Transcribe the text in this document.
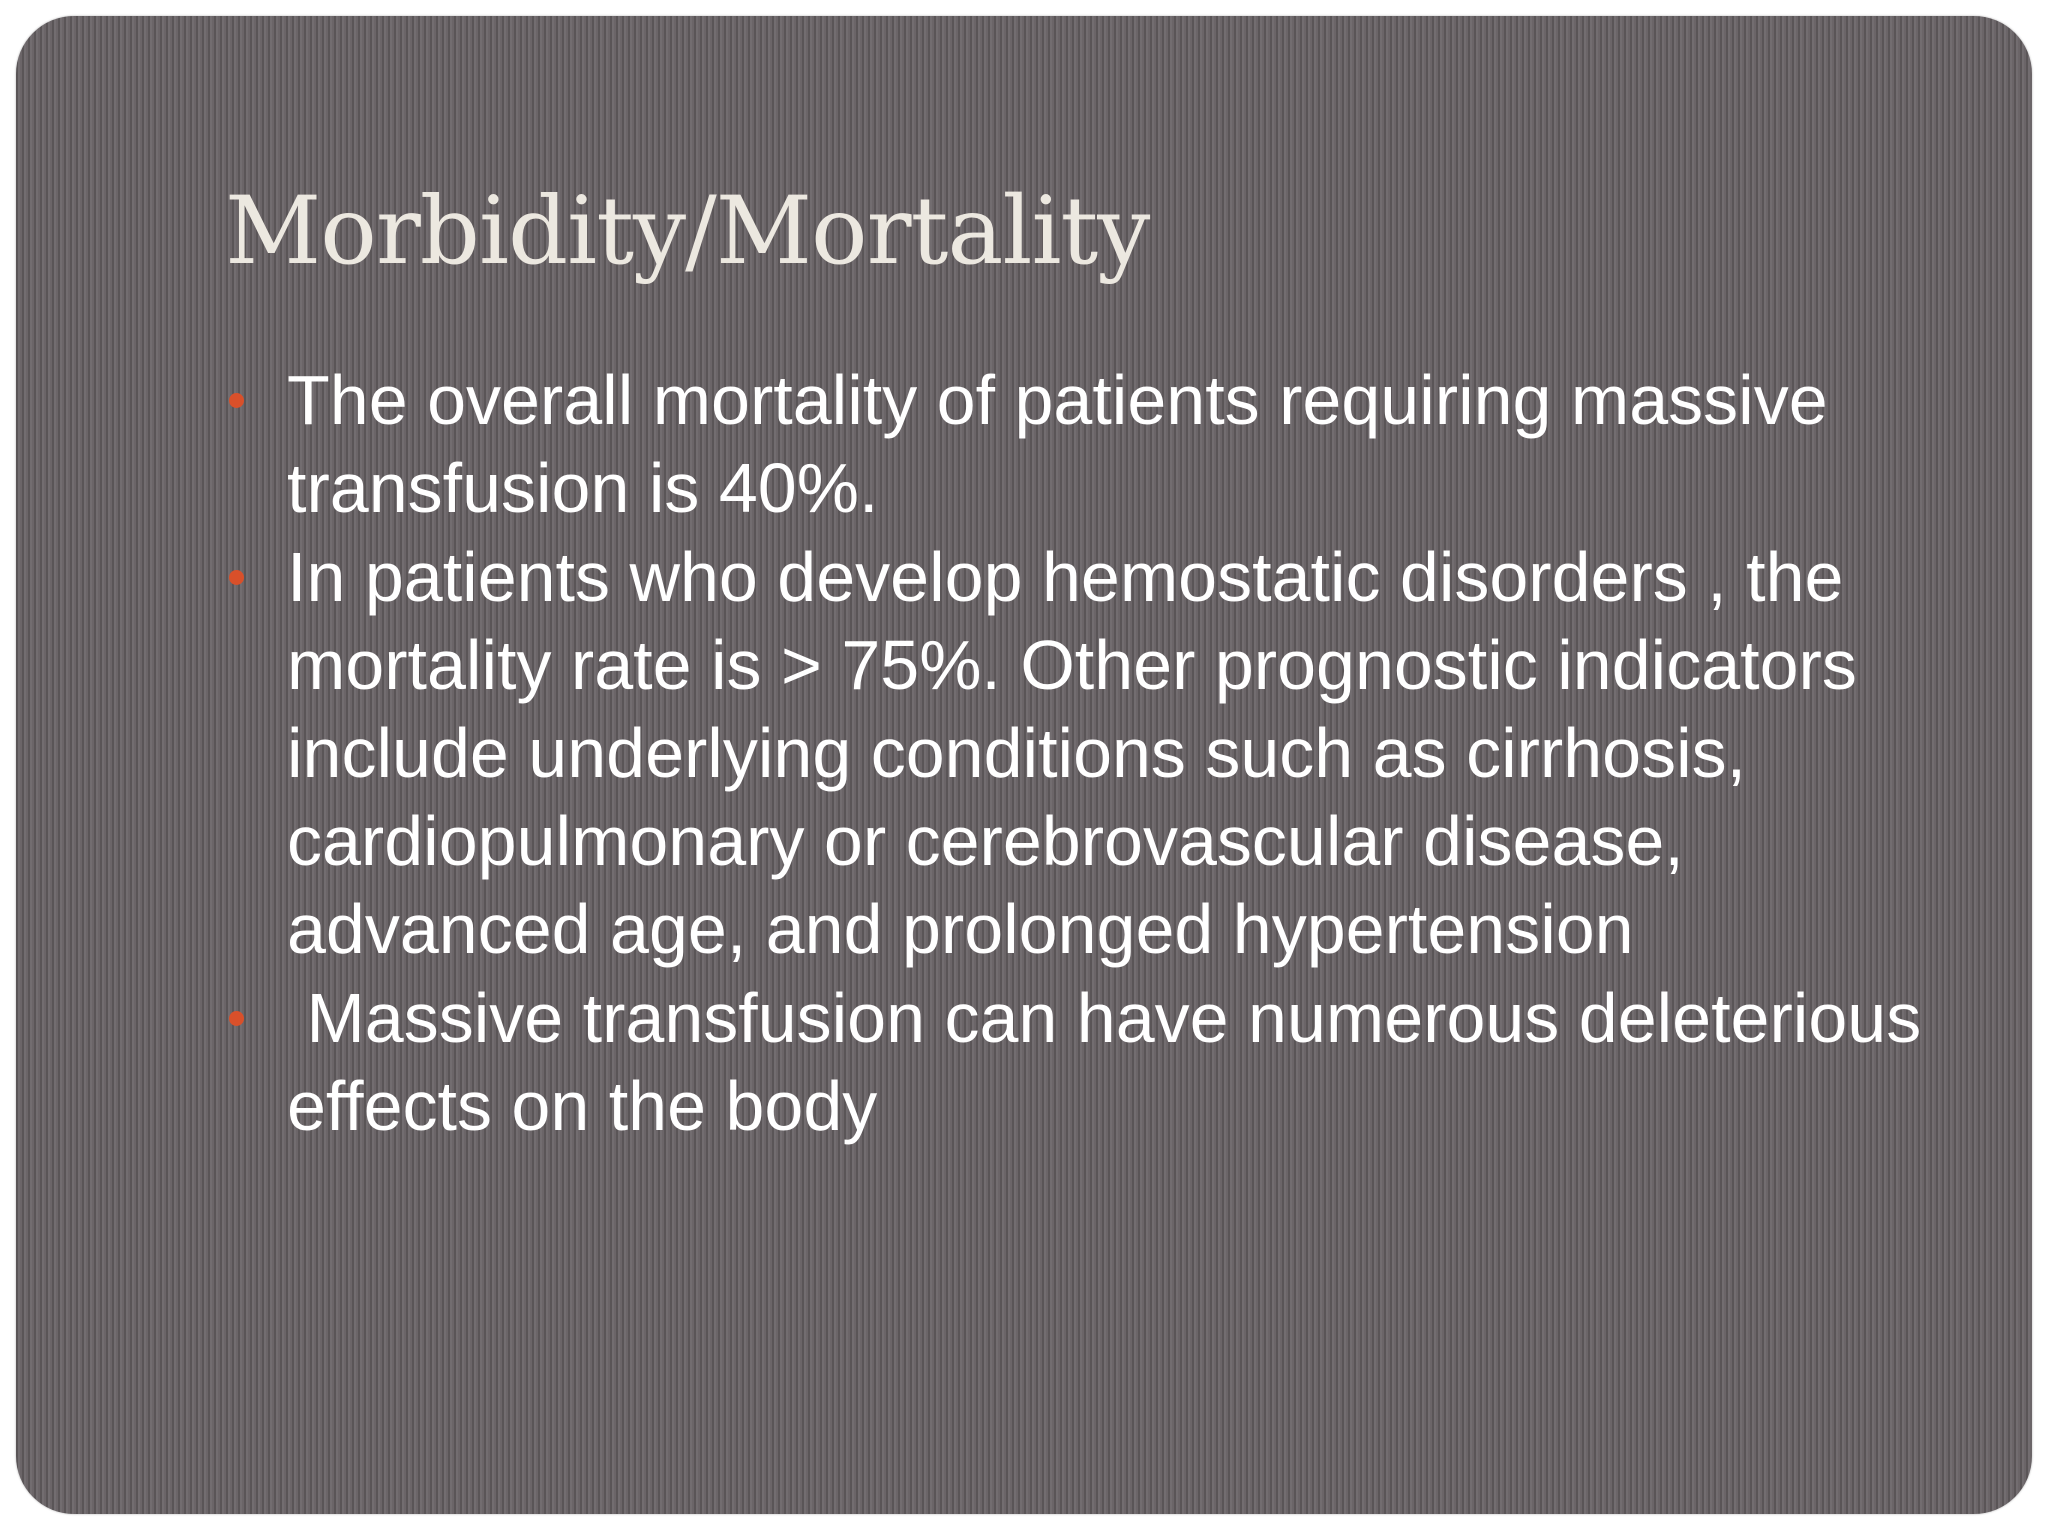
Morbidity/Mortality
The overall mortality of patients requiring massive transfusion is 40%.
In patients who develop hemostatic disorders , the mortality rate is > 75%. Other prognostic indicators include underlying conditions such as cirrhosis, cardiopulmonary or cerebrovascular disease, advanced age, and prolonged hypertension
Massive transfusion can have numerous deleterious effects on the body
